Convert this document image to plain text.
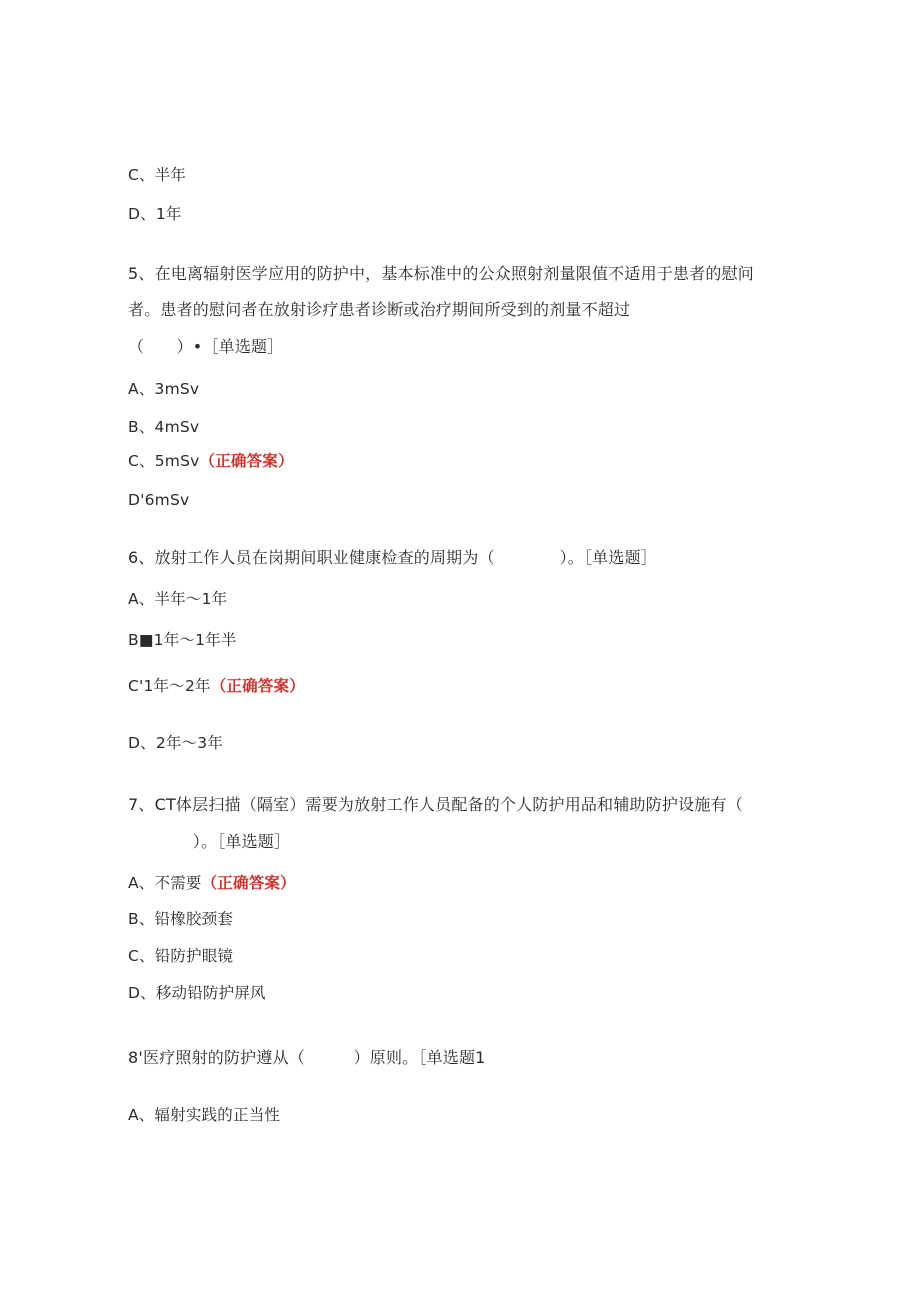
C、半年
D、1年
5、在电离辐射医学应用的防护中，基本标准中的公众照射剂量限值不适用于患者的慰问
者。患者的慰问者在放射诊疗患者诊断或治疗期间所受到的剂量不超过
（　　）•［单选题］
A、3mSv
B、4mSv
C、5mSv（正确答案）
D'6mSv
6、放射工作人员在岗期间职业健康检查的周期为（　　　　）。［单选题］
A、半年～1年
B■1年～1年半
C'1年～2年（正确答案）
D、2年～3年
7、CT体层扫描（隔室）需要为放射工作人员配备的个人防护用品和辅助防护设施有（
　　　　）。［单选题］
A、不需要（正确答案）
B、铅橡胶颈套
C、铅防护眼镜
D、移动铅防护屏风
8'医疗照射的防护遵从（　　　）原则。［单选题1
A、辐射实践的正当性
